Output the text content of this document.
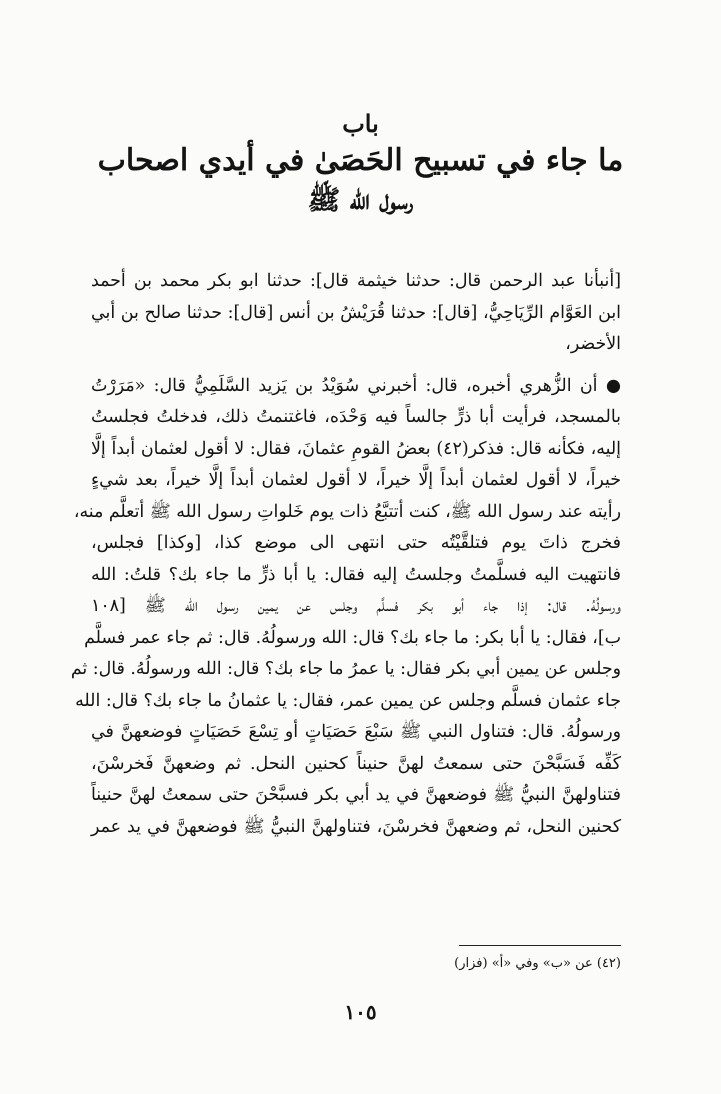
باب
ما جاء في تسبيح الحَصَىٰ في أيدي اصحاب
رسول الله ﷺ
[أنبأنا عبد الرحمن قال: حدثنا خيثمة قال]: حدثنا ابو بكر محمد بن أحمد
ابن العَوَّام الرِّيَاحِيُّ، [قال]: حدثنا قُرَيْشُ بن أنس [قال]: حدثنا صالح بن أبي
الأخضر،
● أن الزُّهري أخبره، قال: أخبرني سُوَيْدُ بن يَزيد السَّلَمِيُّ قال: «مَرَرْتُ
بالمسجد، فرأيت أبا ذرٍّ جالساً فيه وَحْدَه، فاغتنمتُ ذلك، فدخلتُ فجلستُ
إليه، فكأنه قال: فذكر(٤٢) بعضُ القومِ عثمانَ، فقال: لا أقول لعثمان أبداً إلَّا
خيراً، لا أقول لعثمان أبداً إلَّا خيراً، لا أقول لعثمان أبداً إلَّا خيراً، بعد شيءٍ
رأيته عند رسول الله ﷺ، كنت أتتبَّعُ ذات يوم خَلواتِ رسول الله ﷺ أتعلَّم منه،
فخرج ذاتَ يوم فتلقَّيْتُه حتى انتهى الى موضع كذا، [وكذا] فجلس،
فانتهيت اليه فسلَّمتُ وجلستُ إليه فقال: يا أبا ذرٍّ ما جاء بك؟ قلتُ: الله
ورسولُهُ. قال: إذا جاء أبو بكر فسلَّم وجلس عن يمين رسول الله ﷺ [١٠٨
ب]، فقال: يا أبا بكر: ما جاء بك؟ قال: الله ورسولُهُ. قال: ثم جاء عمر فسلَّم
وجلس عن يمين أبي بكر فقال: يا عمرُ ما جاء بك؟ قال: الله ورسولُهُ. قال: ثم
جاء عثمان فسلَّم وجلس عن يمين عمر، فقال: يا عثمانُ ما جاء بك؟ قال: الله
ورسولُهُ. قال: فتناول النبي ﷺ سَبْعَ حَصَيَاتٍ أو تِسْعَ حَصَيَاتٍ فوضعهنَّ في
كَفِّه فَسَبَّحْنَ حتى سمعتُ لهنَّ حنيناً كحنين النحل. ثم وضعهنَّ فَخرسْنَ،
فتناولهنَّ النبيُّ ﷺ فوضعهنَّ في يد أبي بكر فسبَّحْنَ حتى سمعتُ لهنَّ حنيناً
كحنين النحل، ثم وضعهنَّ فخرسْنَ، فتناولهنَّ النبيُّ ﷺ فوضعهنَّ في يد عمر
(٤٢) عن «ب» وفي «أ» (فزار)
١٠٥
